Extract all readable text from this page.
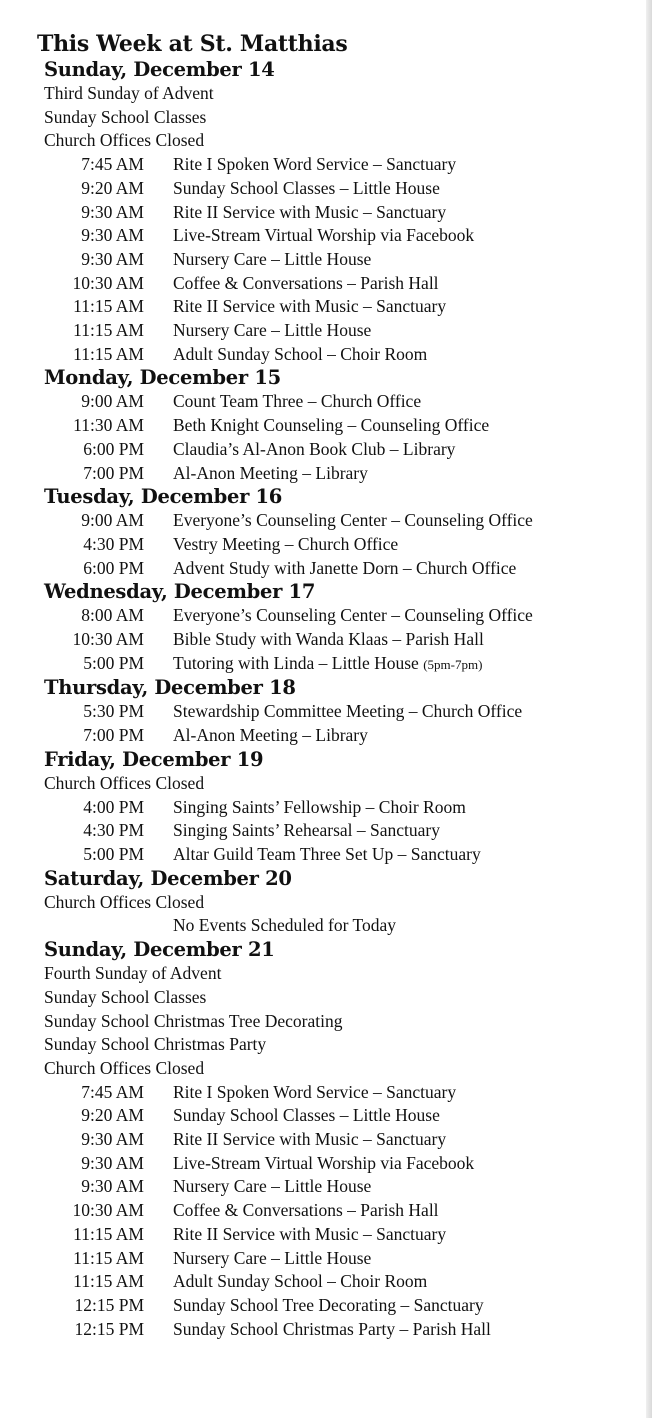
This Week at St. Matthias
Sunday, December 14
Third Sunday of Advent
Sunday School Classes
Church Offices Closed
7:45 AM Rite I Spoken Word Service – Sanctuary
9:20 AM Sunday School Classes – Little House
9:30 AM Rite II Service with Music – Sanctuary
9:30 AM Live-Stream Virtual Worship via Facebook
9:30 AM Nursery Care – Little House
10:30 AM Coffee & Conversations – Parish Hall
11:15 AM Rite II Service with Music – Sanctuary
11:15 AM Nursery Care – Little House
11:15 AM Adult Sunday School – Choir Room
Monday, December 15
9:00 AM Count Team Three – Church Office
11:30 AM Beth Knight Counseling – Counseling Office
6:00 PM Claudia’s Al-Anon Book Club – Library
7:00 PM Al-Anon Meeting – Library
Tuesday, December 16
9:00 AM Everyone’s Counseling Center – Counseling Office
4:30 PM Vestry Meeting – Church Office
6:00 PM Advent Study with Janette Dorn – Church Office
Wednesday, December 17
8:00 AM Everyone’s Counseling Center – Counseling Office
10:30 AM Bible Study with Wanda Klaas – Parish Hall
5:00 PM Tutoring with Linda – Little House (5pm-7pm)
Thursday, December 18
5:30 PM Stewardship Committee Meeting – Church Office
7:00 PM Al-Anon Meeting – Library
Friday, December 19
Church Offices Closed
4:00 PM Singing Saints’ Fellowship – Choir Room
4:30 PM Singing Saints’ Rehearsal – Sanctuary
5:00 PM Altar Guild Team Three Set Up – Sanctuary
Saturday, December 20
Church Offices Closed
No Events Scheduled for Today
Sunday, December 21
Fourth Sunday of Advent
Sunday School Classes
Sunday School Christmas Tree Decorating
Sunday School Christmas Party
Church Offices Closed
7:45 AM Rite I Spoken Word Service – Sanctuary
9:20 AM Sunday School Classes – Little House
9:30 AM Rite II Service with Music – Sanctuary
9:30 AM Live-Stream Virtual Worship via Facebook
9:30 AM Nursery Care – Little House
10:30 AM Coffee & Conversations – Parish Hall
11:15 AM Rite II Service with Music – Sanctuary
11:15 AM Nursery Care – Little House
11:15 AM Adult Sunday School – Choir Room
12:15 PM Sunday School Tree Decorating – Sanctuary
12:15 PM Sunday School Christmas Party – Parish Hall
